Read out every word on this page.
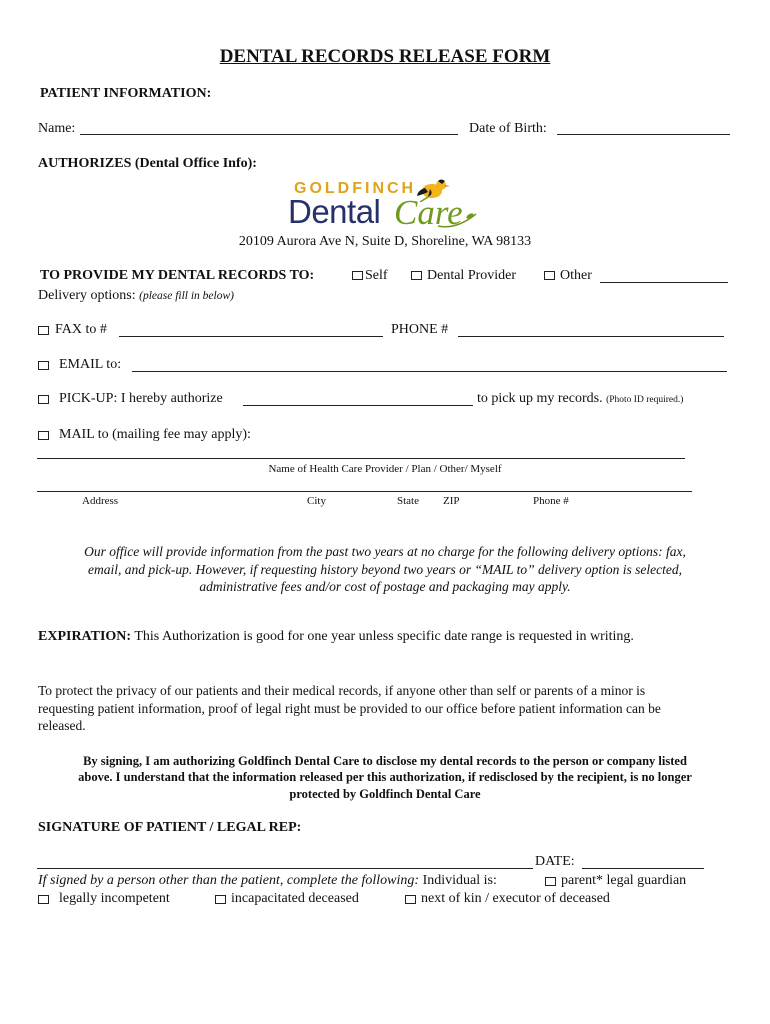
DENTAL RECORDS RELEASE FORM
PATIENT INFORMATION:
Name:	Date of Birth:
AUTHORIZES (Dental Office Info):
GOLDFINCH
Dental Care
20109 Aurora Ave N, Suite D, Shoreline, WA 98133
TO PROVIDE MY DENTAL RECORDS TO:	Self	Dental Provider	Other
Delivery options: (please fill in below)
FAX to #	PHONE #
EMAIL to:
PICK-UP: I hereby authorize	to pick up my records. (Photo ID required.)
MAIL to (mailing fee may apply):
Name of Health Care Provider / Plan / Other/ Myself
Address	City	State ZIP	Phone #
Our office will provide information from the past two years at no charge for the following delivery options: fax,
email, and pick-up. However, if requesting history beyond two years or “MAIL to” delivery option is selected,
administrative fees and/or cost of postage and packaging may apply.
EXPIRATION: This Authorization is good for one year unless specific date range is requested in writing.
To protect the privacy of our patients and their medical records, if anyone other than self or parents of a minor is
requesting patient information, proof of legal right must be provided to our office before patient information can be
released.
By signing, I am authorizing Goldfinch Dental Care to disclose my dental records to the person or company listed
above. I understand that the information released per this authorization, if redisclosed by the recipient, is no longer
protected by Goldfinch Dental Care
SIGNATURE OF PATIENT / LEGAL REP:
DATE:
If signed by a person other than the patient, complete the following: Individual is:	parent* legal guardian
legally incompetent	incapacitated deceased	next of kin / executor of deceased
